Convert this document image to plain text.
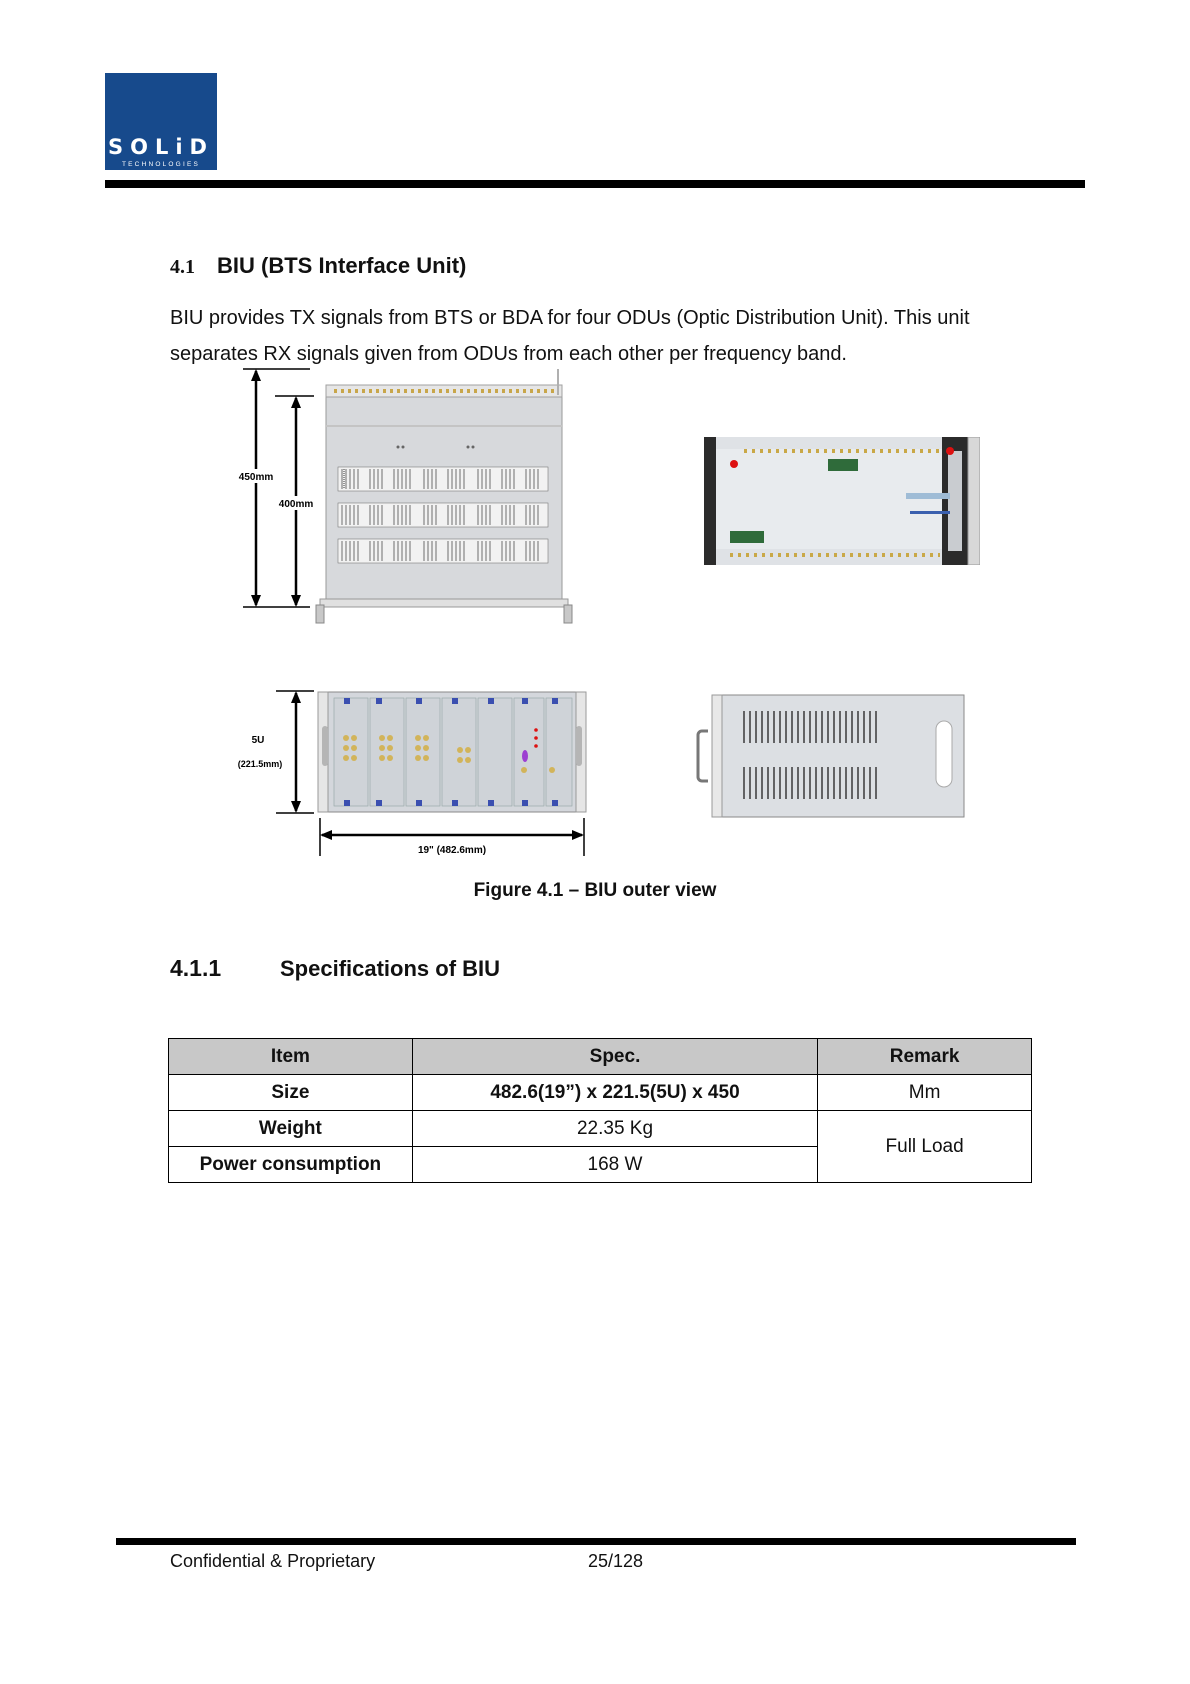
SOLiD
TECHNOLOGIES
4.1 BIU (BTS Interface Unit)
BIU provides TX signals from BTS or BDA for four ODUs (Optic Distribution Unit). This unit separates RX signals given from ODUs from each other per frequency band.
450mm
400mm
5U
(221.5mm)
19" (482.6mm)
Figure 4.1 – BIU outer view
4.1.1	Specifications of BIU
Item	Spec.	Remark
Size	482.6(19”) x 221.5(5U) x 450	Mm
Weight	22.35 Kg	Full Load
Power consumption	168 W	
Confidential & Proprietary	25/128
